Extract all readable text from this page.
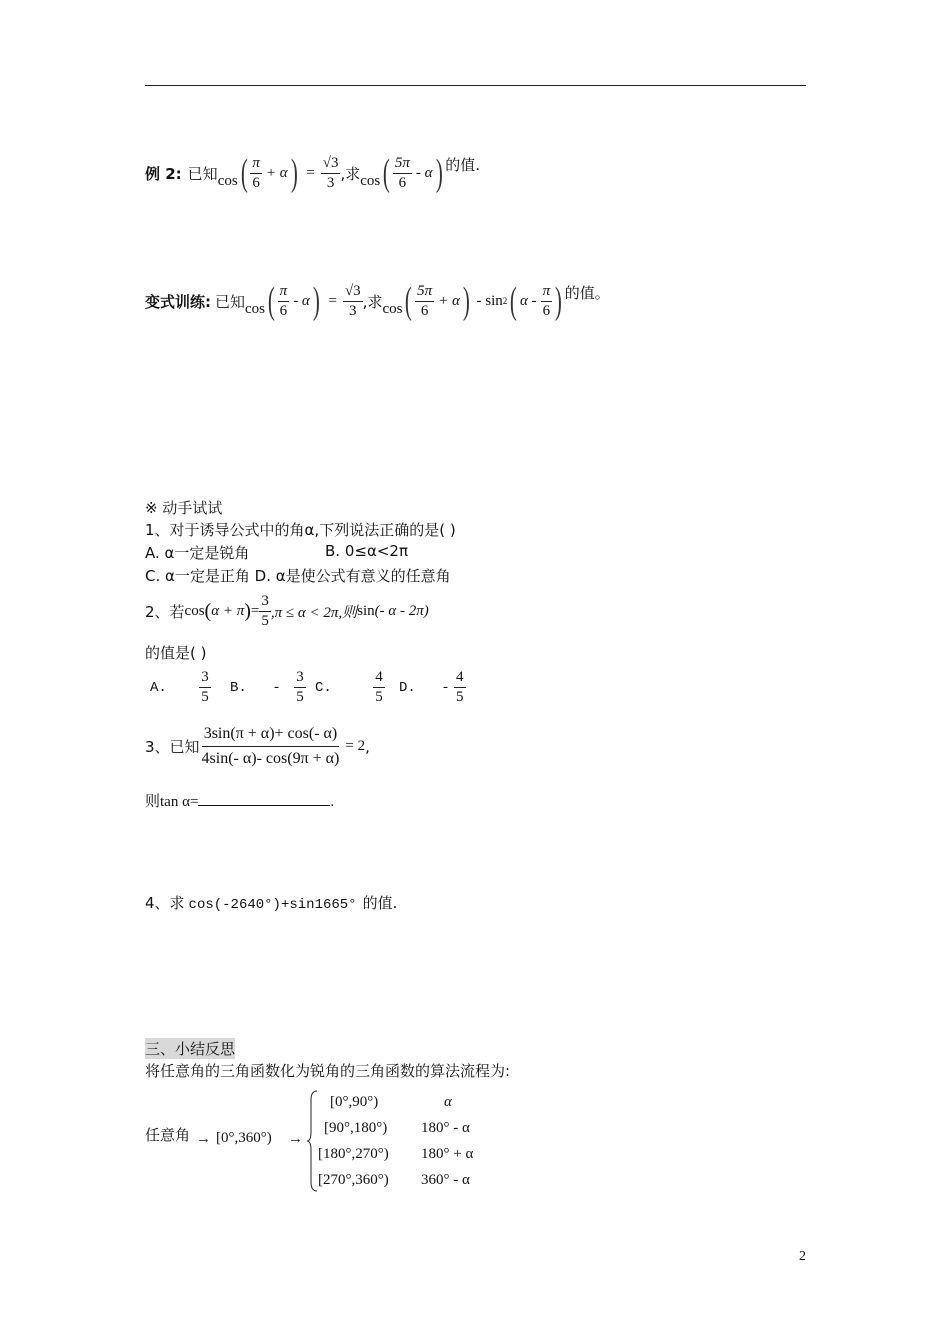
例 2: 已知 cos ( $\frac{\pi}{6} + \alpha$ ) = $\frac{√3}{3}$ ,求 cos ( $\frac{5\pi}{6}$ - α ) 的值.
变式训练: 已知 cos ( $\frac{\pi}{6}$ - α ) = $\frac{√3}{3}$ ,求 cos ( $\frac{5\pi}{6} + \alpha$ ) - sin 2 ( α - $\frac{\pi}{6}$ ) 的值。
※ 动手试试
1、对于诱导公式中的角α,下列说法正确的是( )
A. α一定是锐角	B. 0≤α<2π
C. α一定是正角 D. α是使公式有意义的任意角
2、若 cos ( α + π ) = $\frac{3}{5} ,\pi \le \alpha < 2\pi$,则 sin (- α - 2π)
的值是( )
A. $\frac{3}{5} B$.	- $\frac{3}{5} C$.	$\frac{4}{5} D$.	- $\frac{4}{5}$
3、已知 $\frac{3\sin(\pi + \alpha)+ \cos(- \alpha)}{4\sin(- \alpha)- \cos(9\pi + \alpha)} = 2$ ,
则tan α=	.
4、求 cos(-2640°)+sin1665° 的值.
三、小结反思
将任意角的三角函数化为锐角的三角函数的算法流程为:
任意角 → [0°,360°) →
[0°,90°)	α
[90°,180°) 180° - α
[180°,270°) 180° + α
[270°,360°) 360° - α
2
